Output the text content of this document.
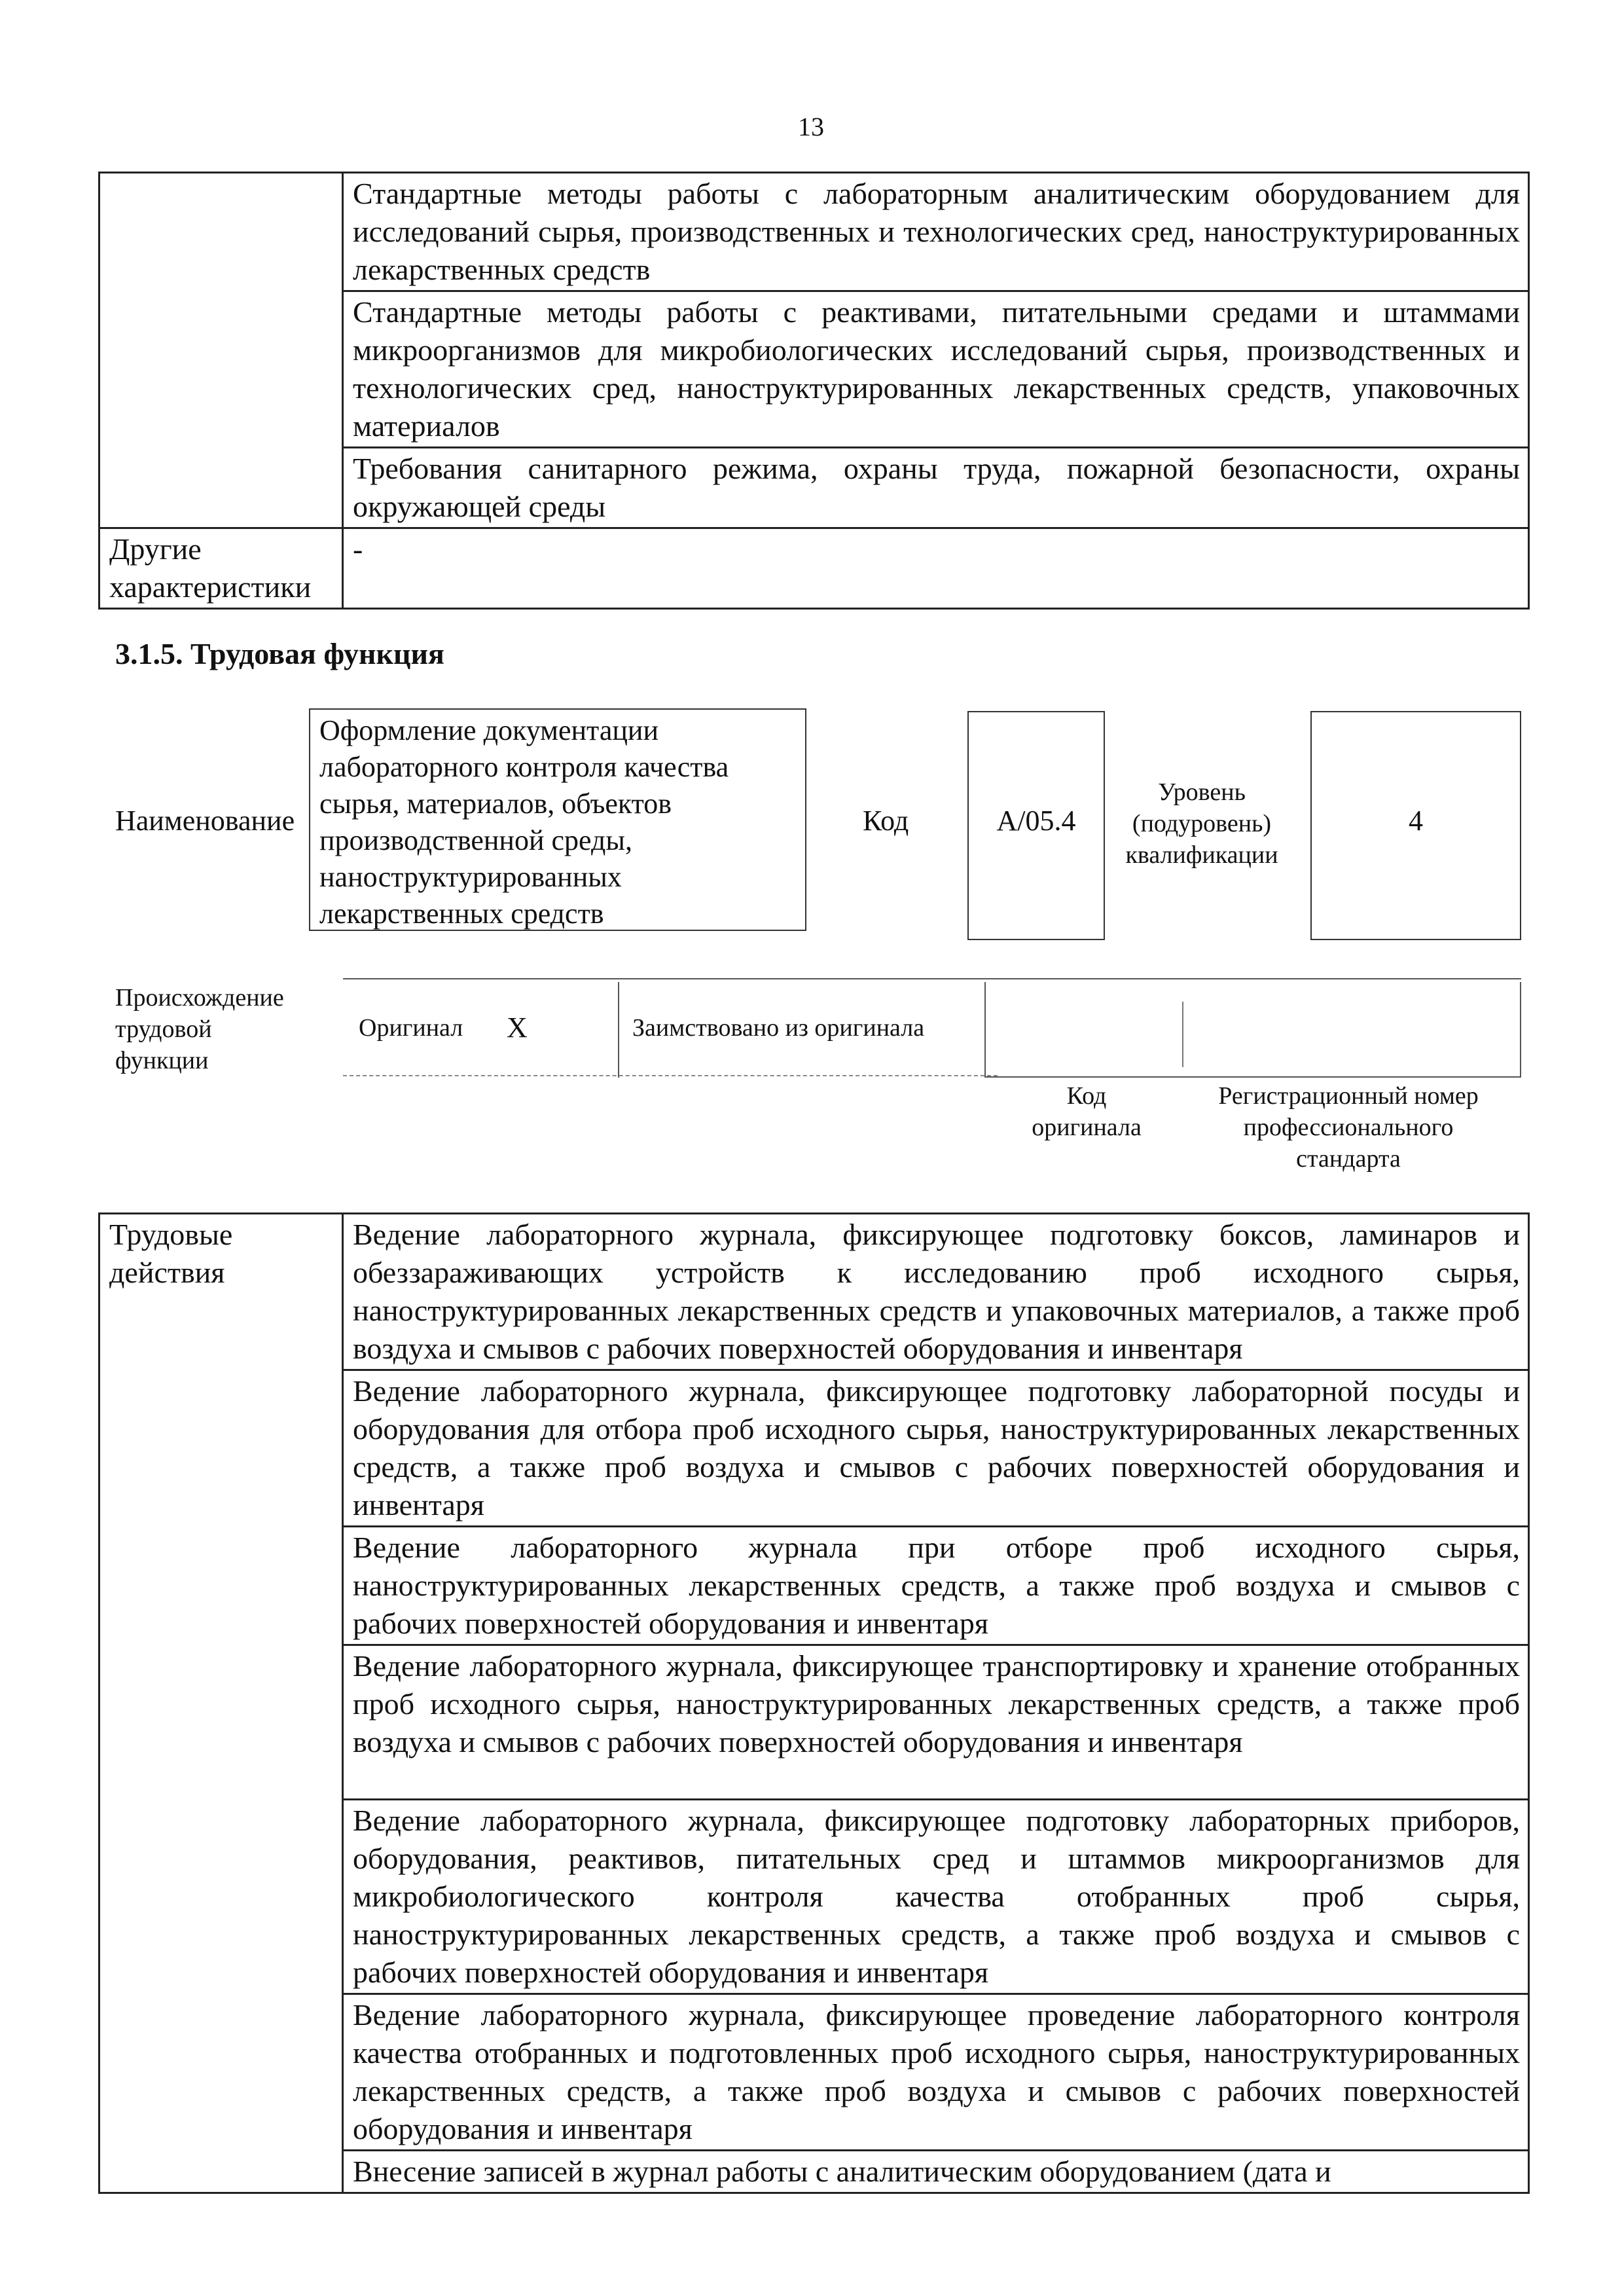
13
	Стандартные методы работы с лабораторным аналитическим оборудованием для исследований сырья, производственных и технологических сред, наноструктурированных лекарственных средств
	Стандартные методы работы с реактивами, питательными средами и штаммами микроорганизмов для микробиологических исследований сырья, производственных и технологических сред, наноструктурированных лекарственных средств, упаковочных материалов
	Требования санитарного режима, охраны труда, пожарной безопасности, охраны окружающей среды

Другие
характеристики	-
3.1.5. Трудовая функция
Наименование
Оформление документации лабораторного контроля качества сырья, материалов, объектов производственной среды, наноструктурированных лекарственных средств
Код	A/05.4
Уровень
(подуровень)
квалификации
4
Происхождение
трудовой
функции
Оригинал X	Заимствовано из оригинала
Код
оригинала
Регистрационный номер
профессионального
стандарта
Трудовые
действия
	Ведение лабораторного журнала, фиксирующее подготовку боксов, ламинаров и обеззараживающих устройств к исследованию проб исходного сырья, наноструктурированных лекарственных средств и упаковочных материалов, а также проб воздуха и смывов с рабочих поверхностей оборудования и инвентаря
Ведение лабораторного журнала, фиксирующее подготовку лабораторной посуды и оборудования для отбора проб исходного сырья, наноструктурированных лекарственных средств, а также проб воздуха и смывов с рабочих поверхностей оборудования и инвентаря
Ведение лабораторного журнала при отборе проб исходного сырья, наноструктурированных лекарственных средств, а также проб воздуха и смывов с рабочих поверхностей оборудования и инвентаря
Ведение лабораторного журнала, фиксирующее транспортировку и хранение отобранных проб исходного сырья, наноструктурированных лекарственных средств, а также проб воздуха и смывов с рабочих поверхностей оборудования и инвентаря
Ведение лабораторного журнала, фиксирующее подготовку лабораторных приборов, оборудования, реактивов, питательных сред и штаммов микроорганизмов для микробиологического контроля качества отобранных проб сырья, наноструктурированных лекарственных средств, а также проб воздуха и смывов с рабочих поверхностей оборудования и инвентаря
Ведение лабораторного журнала, фиксирующее проведение лабораторного контроля качества отобранных и подготовленных проб исходного сырья, наноструктурированных лекарственных средств, а также проб воздуха и смывов с рабочих поверхностей оборудования и инвентаря
Внесение записей в журнал работы с аналитическим оборудованием (дата и
